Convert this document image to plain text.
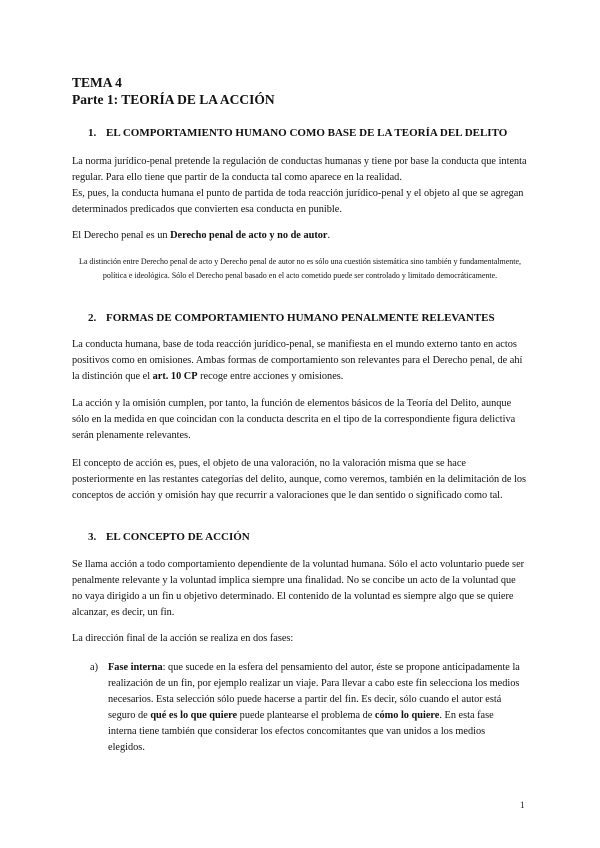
TEMA 4
Parte 1: TEORÍA DE LA ACCIÓN
1. EL COMPORTAMIENTO HUMANO COMO BASE DE LA TEORÍA DEL DELITO
La norma jurídico-penal pretende la regulación de conductas humanas y tiene por base la conducta que intenta regular. Para ello tiene que partir de la conducta tal como aparece en la realidad.
Es, pues, la conducta humana el punto de partida de toda reacción jurídico-penal y el objeto al que se agregan determinados predicados que convierten esa conducta en punible.
El Derecho penal es un Derecho penal de acto y no de autor.
La distinción entre Derecho penal de acto y Derecho penal de autor no es sólo una cuestión sistemática sino también y fundamentalmente, política e ideológica. Sólo el Derecho penal basado en el acto cometido puede ser controlado y limitado democráticamente.
2. FORMAS DE COMPORTAMIENTO HUMANO PENALMENTE RELEVANTES
La conducta humana, base de toda reacción jurídico-penal, se manifiesta en el mundo externo tanto en actos positivos como en omisiones. Ambas formas de comportamiento son relevantes para el Derecho penal, de ahí la distinción que el art. 10 CP recoge entre acciones y omisiones.
La acción y la omisión cumplen, por tanto, la función de elementos básicos de la Teoría del Delito, aunque sólo en la medida en que coincidan con la conducta descrita en el tipo de la correspondiente figura delictiva serán plenamente relevantes.
El concepto de acción es, pues, el objeto de una valoración, no la valoración misma que se hace posteriormente en las restantes categorías del delito, aunque, como veremos, también en la delimitación de los conceptos de acción y omisión hay que recurrir a valoraciones que le dan sentido o significado como tal.
3. EL CONCEPTO DE ACCIÓN
Se llama acción a todo comportamiento dependiente de la voluntad humana. Sólo el acto voluntario puede ser penalmente relevante y la voluntad implica siempre una finalidad. No se concibe un acto de la voluntad que no vaya dirigido a un fin u objetivo determinado. El contenido de la voluntad es siempre algo que se quiere alcanzar, es decir, un fin.
La dirección final de la acción se realiza en dos fases:
a) Fase interna: que sucede en la esfera del pensamiento del autor, éste se propone anticipadamente la realización de un fin, por ejemplo realizar un viaje. Para llevar a cabo este fin selecciona los medios necesarios. Esta selección sólo puede hacerse a partir del fin. Es decir, sólo cuando el autor está seguro de qué es lo que quiere puede plantearse el problema de cómo lo quiere. En esta fase interna tiene también que considerar los efectos concomitantes que van unidos a los medios elegidos.
1
